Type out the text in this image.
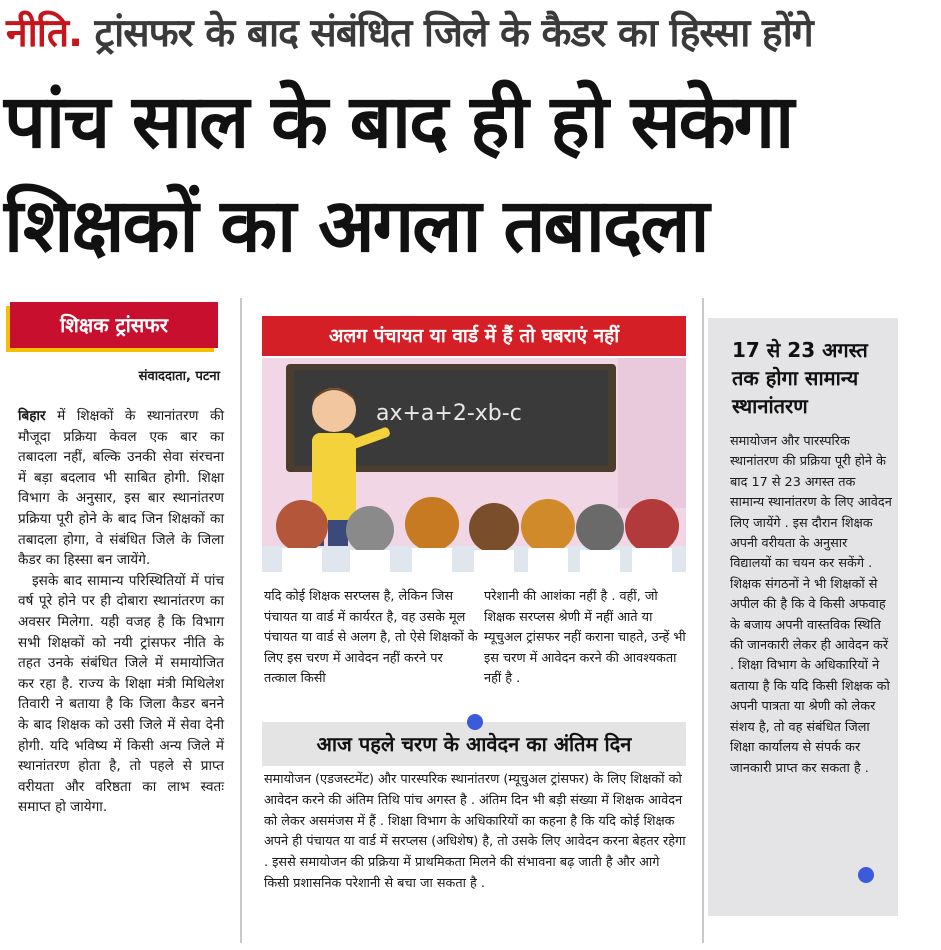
नीति. ट्रांसफर के बाद संबंधित जिले के कैडर का हिस्सा होंगे
पांच साल के बाद ही हो सकेगा
शिक्षकों का अगला तबादला
शिक्षक ट्रांसफर
संवाददाता, पटना

बिहार में शिक्षकों के स्थानांतरण की मौजूदा प्रक्रिया केवल एक बार का तबादला नहीं, बल्कि उनकी सेवा संरचना में बड़ा बदलाव भी साबित होगी. शिक्षा विभाग के अनुसार, इस बार स्थानांतरण प्रक्रिया पूरी होने के बाद जिन शिक्षकों का तबादला होगा, वे संबंधित जिले के जिला कैडर का हिस्सा बन जायेंगे.

इसके बाद सामान्य परिस्थितियों में पांच वर्ष पूरे होने पर ही दोबारा स्थानांतरण का अवसर मिलेगा. यही वजह है कि विभाग सभी शिक्षकों को नयी ट्रांसफर नीति के तहत उनके संबंधित जिले में समायोजित कर रहा है. राज्य के शिक्षा मंत्री मिथिलेश तिवारी ने बताया है कि जिला कैडर बनने के बाद शिक्षक को उसी जिले में सेवा देनी होगी. यदि भविष्य में किसी अन्य जिले में स्थानांतरण होता है, तो पहले से प्राप्त वरीयता और वरिष्ठता का लाभ स्वतः समाप्त हो जायेगा.

अलग पंचायत या वार्ड में हैं तो घबराएं नहीं
ax+a+2-xb-c
यदि कोई शिक्षक सरप्लस है, लेकिन जिस पंचायत या वार्ड में कार्यरत है, वह उसके मूल पंचायत या वार्ड से अलग है, तो ऐसे शिक्षकों के लिए इस चरण में आवेदन नहीं करने पर तत्काल किसी
परेशानी की आशंका नहीं है . वहीं, जो शिक्षक सरप्लस श्रेणी में नहीं आते या म्यूचुअल ट्रांसफर नहीं कराना चाहते, उन्हें भी इस चरण में आवेदन करने की आवश्यकता नहीं है .
आज पहले चरण के आवेदन का अंतिम दिन
समायोजन (एडजस्टमेंट) और पारस्परिक स्थानांतरण (म्यूचुअल ट्रांसफर) के लिए शिक्षकों को आवेदन करने की अंतिम तिथि पांच अगस्त है . अंतिम दिन भी बड़ी संख्या में शिक्षक आवेदन को लेकर असमंजस में हैं . शिक्षा विभाग के अधिकारियों का कहना है कि यदि कोई शिक्षक अपने ही पंचायत या वार्ड में सरप्लस (अधिशेष) है, तो उसके लिए आवेदन करना बेहतर रहेगा . इससे समायोजन की प्रक्रिया में प्राथमिकता मिलने की संभावना बढ़ जाती है और आगे किसी प्रशासनिक परेशानी से बचा जा सकता है .
17 से 23 अगस्त तक होगा सामान्य स्थानांतरण
समायोजन और पारस्परिक स्थानांतरण की प्रक्रिया पूरी होने के बाद 17 से 23 अगस्त तक सामान्य स्थानांतरण के लिए आवेदन लिए जायेंगे . इस दौरान शिक्षक अपनी वरीयता के अनुसार विद्यालयों का चयन कर सकेंगे . शिक्षक संगठनों ने भी शिक्षकों से अपील की है कि वे किसी अफवाह के बजाय अपनी वास्तविक स्थिति की जानकारी लेकर ही आवेदन करें . शिक्षा विभाग के अधिकारियों ने बताया है कि यदि किसी शिक्षक को अपनी पात्रता या श्रेणी को लेकर संशय है, तो वह संबंधित जिला शिक्षा कार्यालय से संपर्क कर जानकारी प्राप्त कर सकता है .
